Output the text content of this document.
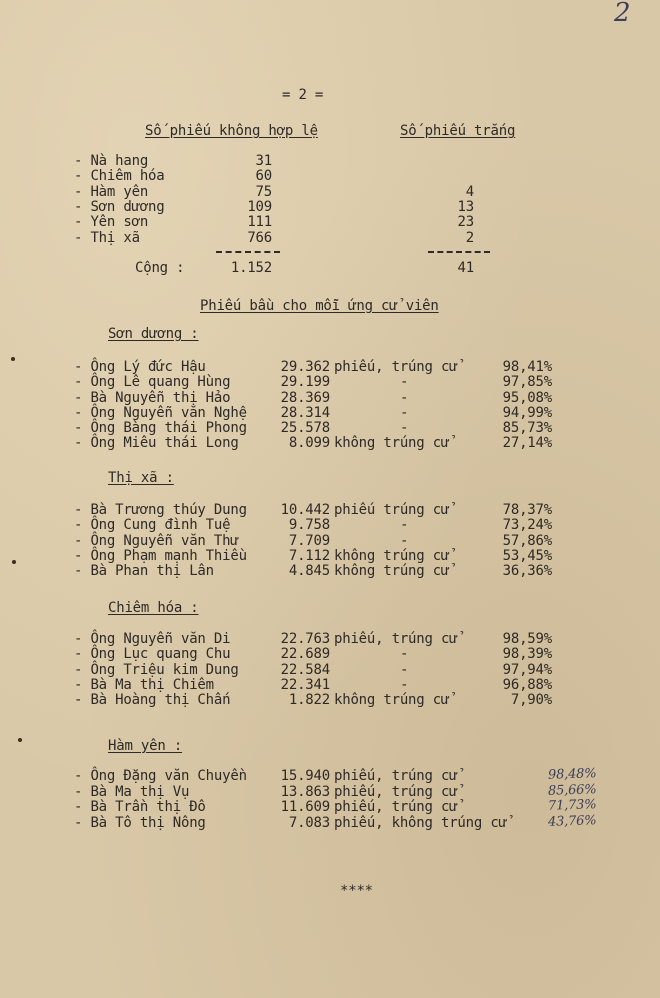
2
= 2 =
Số phiếu không hợp lệ	Số phiếu trắng
- Nà hang	31
- Chiêm hóa	60
- Hàm yên	75	4
- Sơn dương	109	13
- Yên sơn	111	23
- Thị xã	766	2
Cộng :	1.152	41
Phiếu bầu cho mỗi ứng cử viên
Sơn dương :
- Ông Lý đức Hậu	29.362 phiếu, trúng cử	98,41%
- Ông Lê quang Hùng	29.199	-	97,85%
- Bà Nguyễn thị Hảo	28.369	-	95,08%
- Ông Nguyễn văn Nghệ	28.314	-	94,99%
- Ông Bàng thái Phong	25.578	-	85,73%
- Ông Miêu thái Long	8.099 không trúng cử	27,14%
Thị xã :
- Bà Trương thúy Dung	10.442 phiếu trúng cử	78,37%
- Ông Cung đình Tuệ	9.758	-	73,24%
- Ông Nguyễn văn Thư	7.709	-	57,86%
- Ông Phạm mạnh Thiều	7.112 không trúng cử	53,45%
- Bà Phan thị Lân	4.845 không trúng cử	36,36%
Chiêm hóa :
- Ông Nguyễn văn Di	22.763 phiếu, trúng cử	98,59%
- Ông Lục quang Chu	22.689	-	98,39%
- Ông Triệu kim Dung	22.584	-	97,94%
- Bà Ma thị Chiêm	22.341	-	96,88%
- Bà Hoàng thị Chấn	1.822 không trúng cử	7,90%
Hàm yên :
- Ông Đặng văn Chuyền	15.940 phiếu, trúng cử	98,48%
- Bà Ma thị Vụ	13.863 phiếu, trúng cử	85,66%
- Bà Trần thị Đô	11.609 phiếu, trúng cử	71,73%
- Bà Tô thị Nông	7.083 phiếu, không trúng cử	43,76%
****
